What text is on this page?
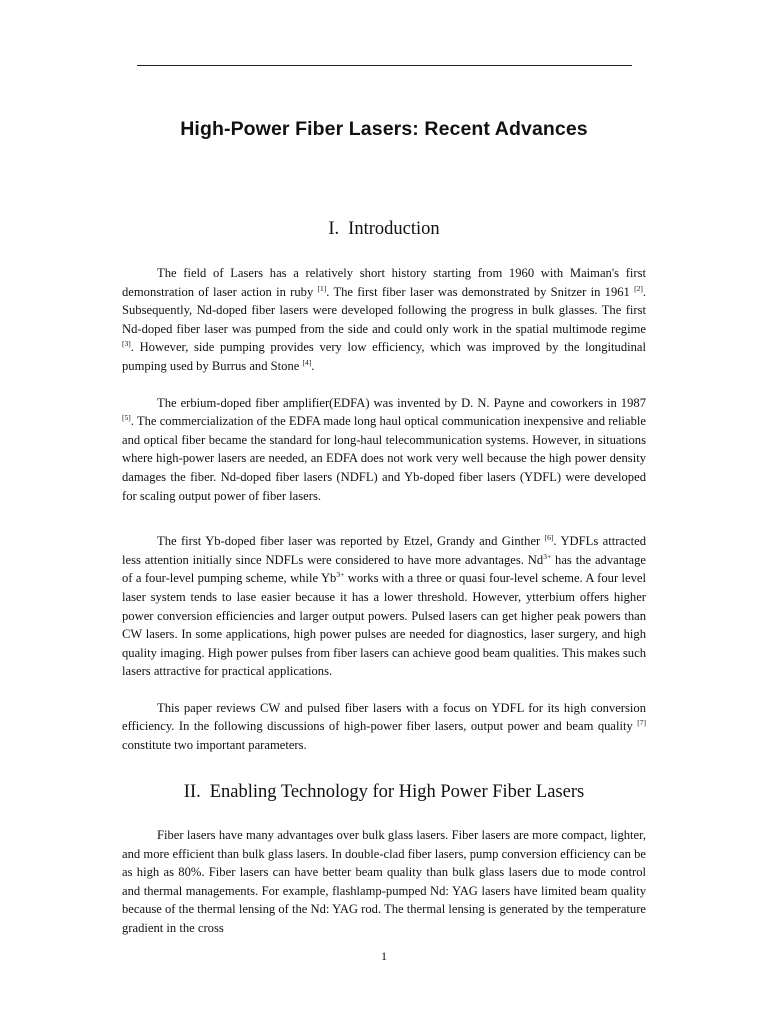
High-Power Fiber Lasers: Recent Advances
I. Introduction

The field of Lasers has a relatively short history starting from 1960 with Maiman's first demonstration of laser action in ruby [1]. The first fiber laser was demonstrated by Snitzer in 1961 [2]. Subsequently, Nd-doped fiber lasers were developed following the progress in bulk glasses. The first Nd-doped fiber laser was pumped from the side and could only work in the spatial multimode regime [3]. However, side pumping provides very low efficiency, which was improved by the longitudinal pumping used by Burrus and Stone [4].

The erbium-doped fiber amplifier(EDFA) was invented by D. N. Payne and coworkers in 1987 [5]. The commercialization of the EDFA made long haul optical communication inexpensive and reliable and optical fiber became the standard for long-haul telecommunication systems. However, in situations where high-power lasers are needed, an EDFA does not work very well because the high power density damages the fiber. Nd-doped fiber lasers (NDFL) and Yb-doped fiber lasers (YDFL) were developed for scaling output power of fiber lasers.

The first Yb-doped fiber laser was reported by Etzel, Grandy and Ginther [6]. YDFLs attracted less attention initially since NDFLs were considered to have more advantages. $Nd^{3+}$ has the advantage of a four-level pumping scheme, while $Yb^{3+}$ works with a three or quasi four-level scheme. A four level laser system tends to lase easier because it has a lower threshold. However, ytterbium offers higher power conversion efficiencies and larger output powers. Pulsed lasers can get higher peak powers than CW lasers. In some applications, high power pulses are needed for diagnostics, laser surgery, and high quality imaging. High power pulses from fiber lasers can achieve good beam qualities. This makes such lasers attractive for practical applications.

This paper reviews CW and pulsed fiber lasers with a focus on YDFL for its high conversion efficiency. In the following discussions of high-power fiber lasers, output power and beam quality [7] constitute two important parameters.

II. Enabling Technology for High Power Fiber Lasers

Fiber lasers have many advantages over bulk glass lasers. Fiber lasers are more compact, lighter, and more efficient than bulk glass lasers. In double-clad fiber lasers, pump conversion efficiency can be as high as 80%. Fiber lasers can have better beam quality than bulk glass lasers due to mode control and thermal managements. For example, flashlamp-pumped Nd: YAG lasers have limited beam quality because of the thermal lensing of the Nd: YAG rod. The thermal lensing is generated by the temperature gradient in the cross

1
